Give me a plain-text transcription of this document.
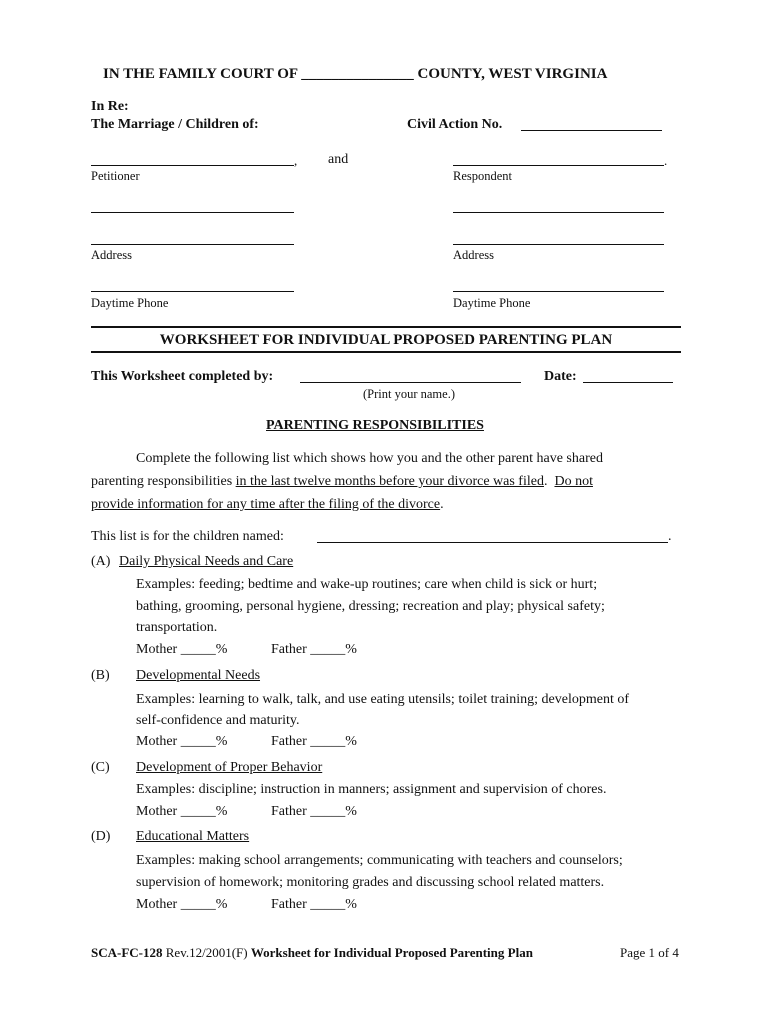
IN THE FAMILY COURT OF _______________ COUNTY, WEST VIRGINIA
In Re:
The Marriage / Children of:	Civil Action No.
, and	.
Petitioner	Respondent
Address	Address
Daytime Phone	Daytime Phone
WORKSHEET FOR INDIVIDUAL PROPOSED PARENTING PLAN
This Worksheet completed by:	Date:
(Print your name.)
PARENTING RESPONSIBILITIES
Complete the following list which shows how you and the other parent have shared
parenting responsibilities in the last twelve months before your divorce was filed.  Do not
provide information for any time after the filing of the divorce.
This list is for the children named:	.
(A) Daily Physical Needs and Care
Examples: feeding; bedtime and wake-up routines; care when child is sick or hurt;
bathing, grooming, personal hygiene, dressing; recreation and play; physical safety;
transportation.
Mother _____%	Father _____%
(B) Developmental Needs
Examples: learning to walk, talk, and use eating utensils; toilet training; development of
self-confidence and maturity.
Mother _____%	Father _____%
(C) Development of Proper Behavior
Examples: discipline; instruction in manners; assignment and supervision of chores.
Mother _____%	Father _____%
(D) Educational Matters
Examples: making school arrangements; communicating with teachers and counselors;
supervision of homework; monitoring grades and discussing school related matters.
Mother _____%	Father _____%
SCA-FC-128 Rev.12/2001(F) Worksheet for Individual Proposed Parenting Plan	Page 1 of 4
